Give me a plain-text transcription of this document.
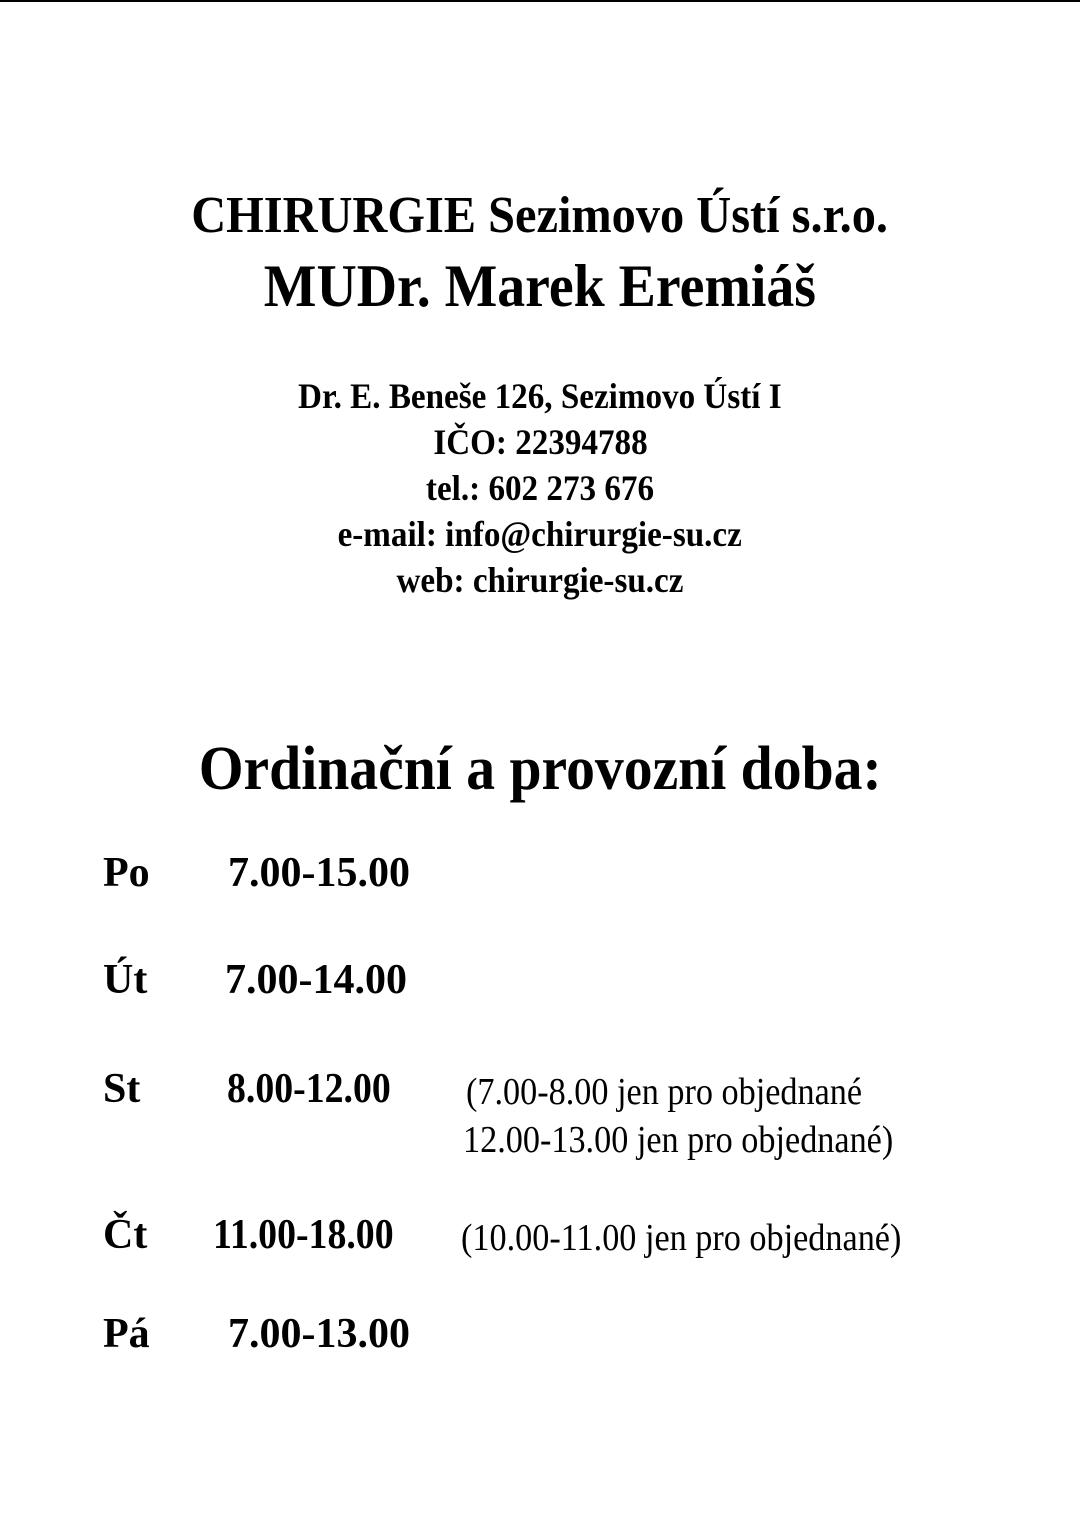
CHIRURGIE Sezimovo Ústí s.r.o.
MUDr. Marek Eremiáš
Dr. E. Beneše 126, Sezimovo Ústí I
IČO: 22394788
tel.: 602 273 676
e-mail: info@chirurgie-su.cz
web: chirurgie-su.cz
Ordinační a provozní doba:
Po 7.00-15.00
Út 7.00-14.00
St 8.00-12.00	(7.00-8.00 jen pro objednané
12.00-13.00 jen pro objednané)
Čt 11.00-18.00	(10.00-11.00 jen pro objednané)
Pá 7.00-13.00
